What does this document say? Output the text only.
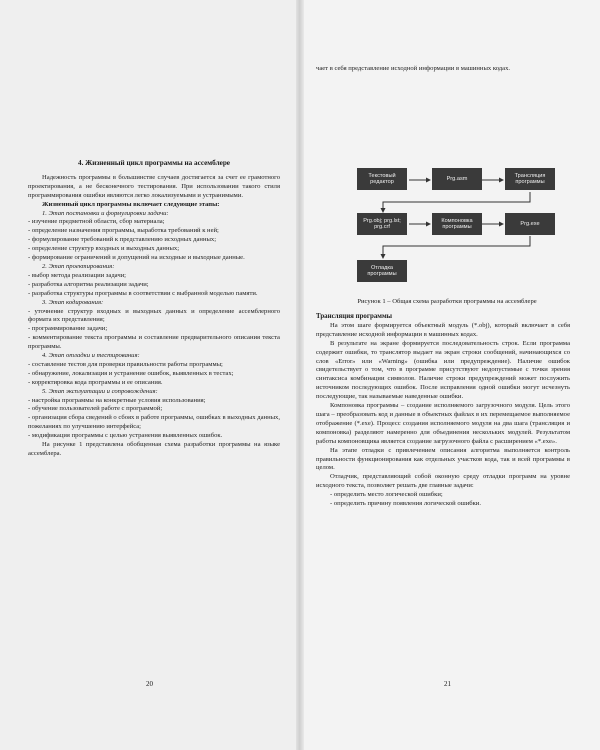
4. Жизненный цикл программы на ассемблере

Надежность программы в большинстве случаев достигается за счет ее грамотного проектирования, а не бесконечного тестирования. При использовании такого стиля программирования ошибки являются легко локализуемыми и устранимыми.

Жизненный цикл программы включает следующие этапы:

1. Этап постановки и формулировки задачи:

- изучение предметной области, сбор материала;

- определение назначения программы, выработка требований к ней;

- формулирование требований к представлению исходных данных;

- определение структур входных и выходных данных;

- формирование ограничений и допущений на исходные и выходные данные.

2. Этап проектирования:

- выбор метода реализации задачи;

- разработка алгоритма реализации задачи;

- разработка структуры программы в соответствии с выбранной моделью памяти.

3. Этап кодирования:

- уточнение структур входных и выходных данных и определение ассемблерного формата их представления;

- программирование задачи;

- комментирование текста программы и составление предварительного описания текста программы.

4. Этап отладки и тестирования:

- составление тестов для проверки правильности работы программы;

- обнаружение, локализация и устранение ошибок, выявленных в тестах;

- корректировка кода программы и ее описания.

5. Этап эксплуатации и сопровождения:

- настройка программы на конкретные условия использования;

- обучение пользователей работе с программой;

- организация сбора сведений о сбоях в работе программы, ошибках в выходных данных, пожеланиях по улучшению интерфейса;

- модификация программы с целью устранения выявленных ошибок.

На рисунке 1 представлена обобщенная схема разработки программы на языке ассемблера.

20

чает в себя представление исходной информации в машинных кодах.

Текстовый редактор
Prg.asm
Трансляция программы
Prg.obj; prg.lst; prg.crf
Компоновка программы
Prg.exe
Отладка программы
Рисунок 1 – Общая схема разработки программы на ассемблере

Трансляция программы

На этом шаге формируется объектный модуль (*.obj), который включает в себя представление исходной информации в машинных кодах.

В результате на экране формируется последовательность строк. Если программа содержит ошибки, то транслятор выдает на экран строки сообщений, начинающихся со слов «Error» или «Warning» (ошибка или предупреждение). Наличие ошибок свидетельствует о том, что в программе присутствуют недопустимые с точки зрения синтаксиса комбинации символов. Наличие строки предупреждений может послужить источником последующих ошибок. После исправления одной ошибки могут исчезнуть последующие, так называемые наведенные ошибки.

Компоновка программы – создание исполняемого загрузочного модуля. Цель этого шага – преобразовать код и данные в объектных файлах в их перемещаемое выполняемое отображение (*.exe). Процесс создания исполняемого модуля на два шага (трансляция и компоновка) разделяют намеренно для объединения нескольких модулей. Результатом работы компоновщика является создание загрузочного файла с расширением «*.exe».

На этапе отладки с привлечением описания алгоритма выполняется контроль правильности функционирования как отдельных участков кода, так и всей программы в целом.

Отладчик, представляющий собой оконную среду отладки программ на уровне исходного текста, позволяет решать две главные задачи:

- определить место логической ошибки;

- определить причину появления логической ошибки.

21
